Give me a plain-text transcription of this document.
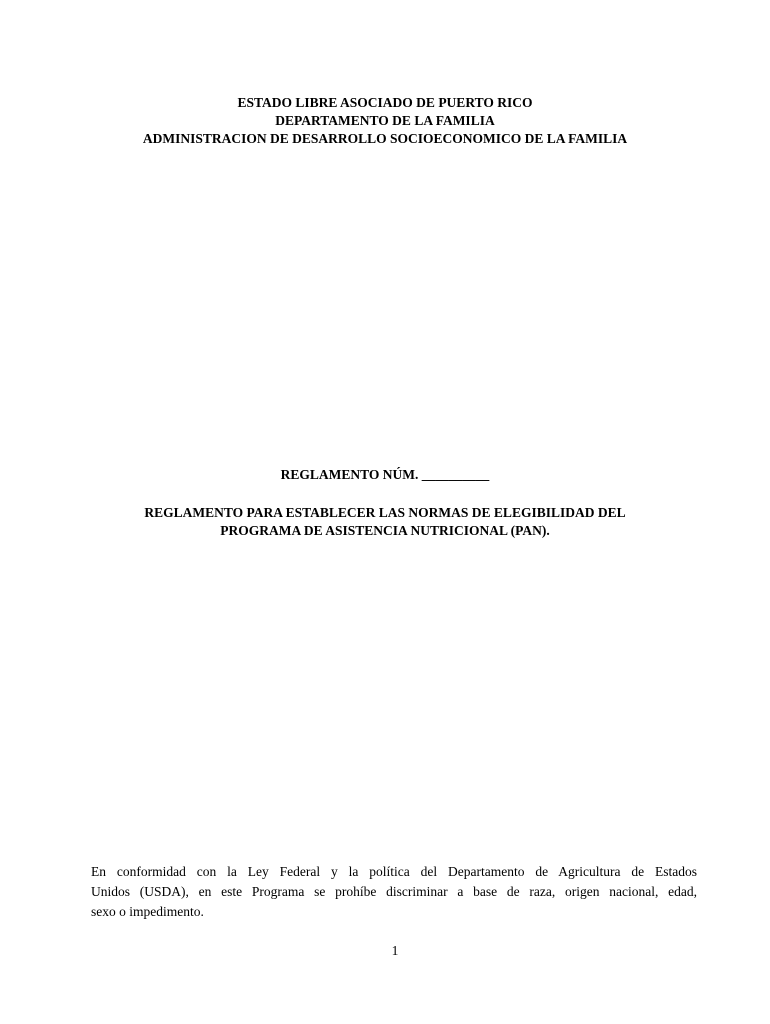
ESTADO LIBRE ASOCIADO DE PUERTO RICO
DEPARTAMENTO DE LA FAMILIA
ADMINISTRACION DE DESARROLLO SOCIOECONOMICO DE LA FAMILIA
REGLAMENTO NÚM. __________
REGLAMENTO PARA ESTABLECER LAS NORMAS DE ELEGIBILIDAD DEL
PROGRAMA DE ASISTENCIA NUTRICIONAL (PAN).
En conformidad con la Ley Federal y la política del Departamento de Agricultura de Estados
Unidos (USDA), en este Programa se prohíbe discriminar a base de raza, origen nacional, edad,
sexo o impedimento.
1
